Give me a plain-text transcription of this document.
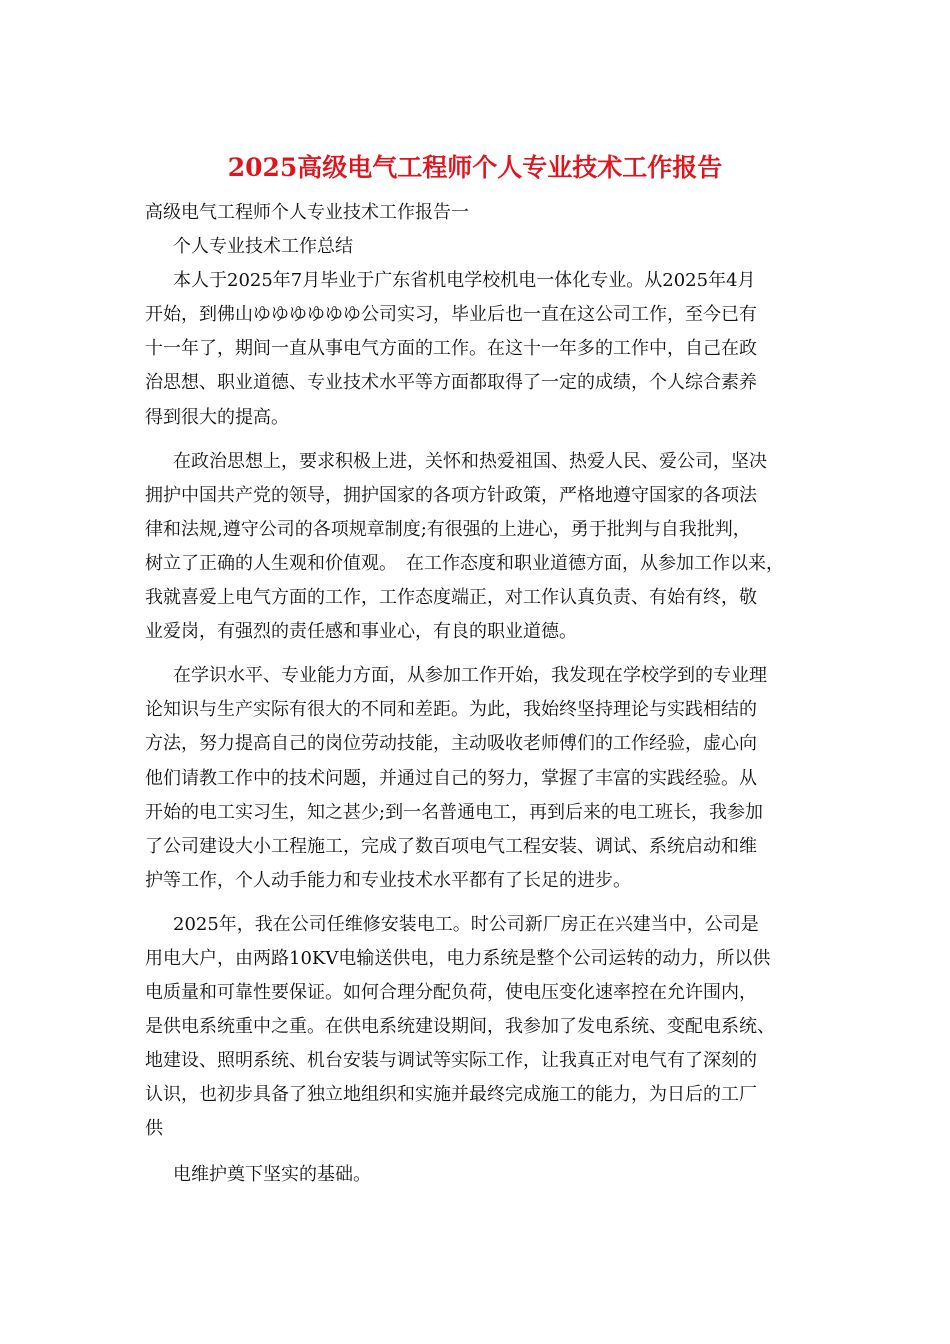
2025高级电气工程师个人专业技术工作报告
高级电气工程师个人专业技术工作报告一
个人专业技术工作总结
本人于2025年7月毕业于广东省机电学校机电一体化专业。从2025年4月
开始，到佛山ゆゆゆゆゆゆ公司实习，毕业后也一直在这公司工作，至今已有
十一年了，期间一直从事电气方面的工作。在这十一年多的工作中，自己在政
治思想、职业道德、专业技术水平等方面都取得了一定的成绩，个人综合素养
得到很大的提高。
在政治思想上，要求积极上进，关怀和热爱祖国、热爱人民、爱公司，坚决
拥护中国共产党的领导，拥护国家的各项方针政策，严格地遵守国家的各项法
律和法规,遵守公司的各项规章制度;有很强的上进心，勇于批判与自我批判，
树立了正确的人生观和价值观。　在工作态度和职业道德方面，从参加工作以来，
我就喜爱上电气方面的工作，工作态度端正，对工作认真负责、有始有终，敬
业爱岗，有强烈的责任感和事业心，有良的职业道德。
在学识水平、专业能力方面，从参加工作开始，我发现在学校学到的专业理
论知识与生产实际有很大的不同和差距。为此，我始终坚持理论与实践相结的
方法，努力提高自己的岗位劳动技能，主动吸收老师傅们的工作经验，虚心向
他们请教工作中的技术问题，并通过自己的努力，掌握了丰富的实践经验。从
开始的电工实习生，知之甚少;到一名普通电工，再到后来的电工班长，我参加
了公司建设大小工程施工，完成了数百项电气工程安装、调试、系统启动和维
护等工作，个人动手能力和专业技术水平都有了长足的进步。
2025年，我在公司任维修安装电工。时公司新厂房正在兴建当中，公司是
用电大户，由两路10KV电输送供电，电力系统是整个公司运转的动力，所以供
电质量和可靠性要保证。如何合理分配负荷，使电压变化速率控在允许围内，
是供电系统重中之重。在供电系统建设期间，我参加了发电系统、变配电系统、
地建设、照明系统、机台安装与调试等实际工作，让我真正对电气有了深刻的
认识，也初步具备了独立地组织和实施并最终完成施工的能力，为日后的工厂
供
电维护奠下坚实的基础。
